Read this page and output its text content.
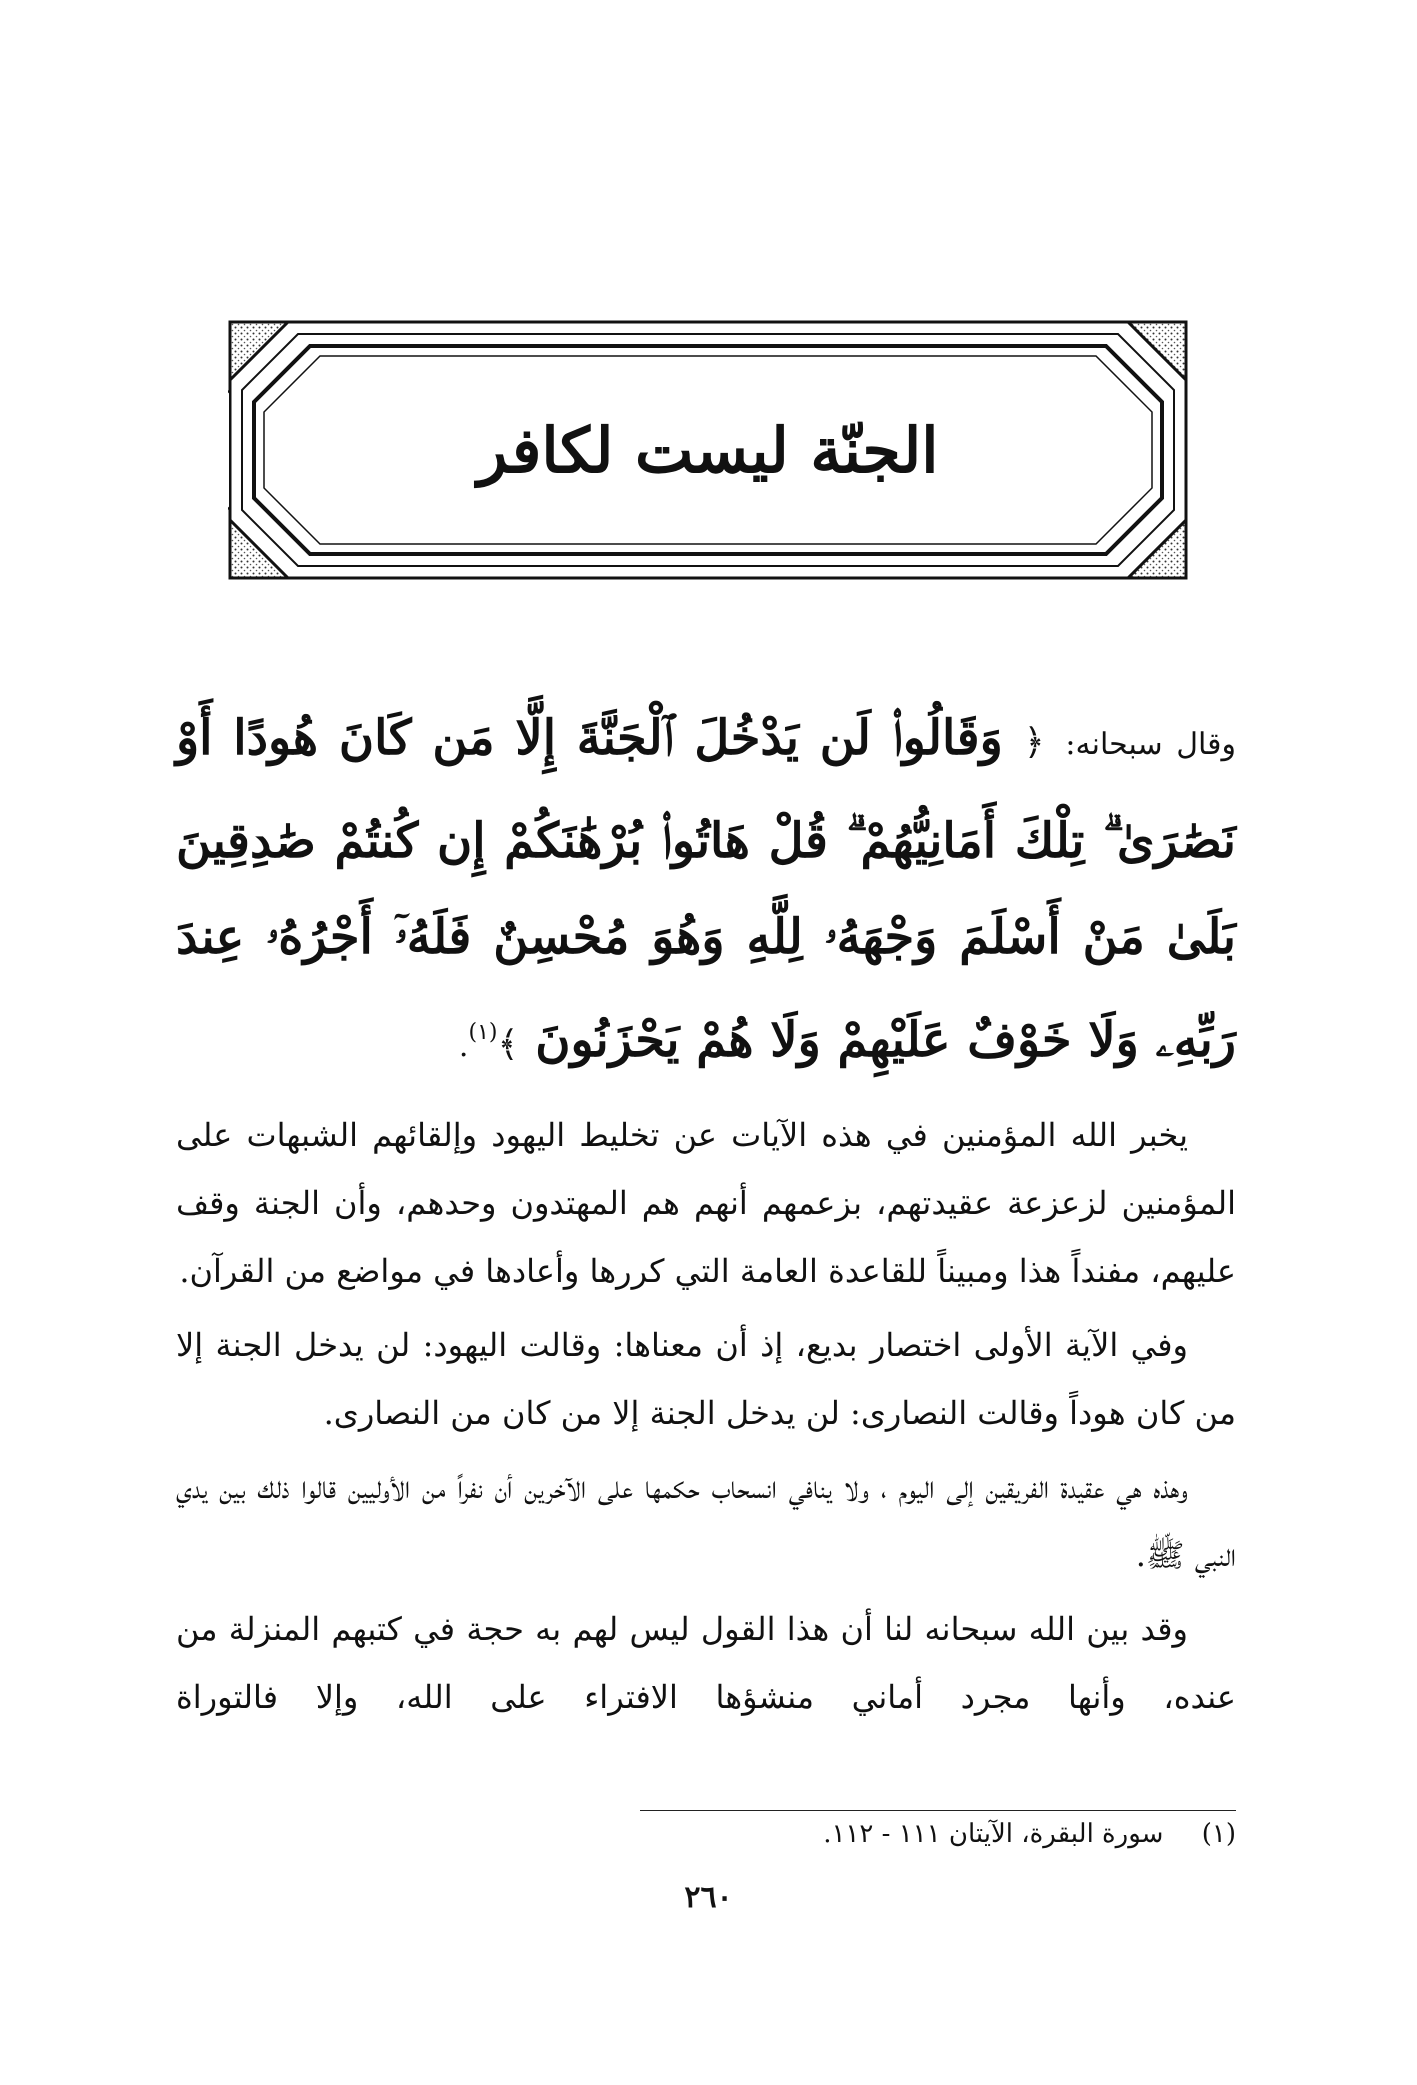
الجنّة ليست لكافر

وقال سبحانه: ﴿ وَقَالُوا۟ لَن يَدْخُلَ ٱلْجَنَّةَ إِلَّا مَن كَانَ هُودًا أَوْ نَصَٰرَىٰ ۗ تِلْكَ أَمَانِيُّهُمْ ۗ قُلْ هَاتُوا۟ بُرْهَٰنَكُمْ إِن كُنتُمْ صَٰدِقِينَ بَلَىٰ مَنْ أَسْلَمَ وَجْهَهُۥ لِلَّهِ وَهُوَ مُحْسِنٌ فَلَهُۥٓ أَجْرُهُۥ عِندَ رَبِّهِۦ وَلَا خَوْفٌ عَلَيْهِمْ وَلَا هُمْ يَحْزَنُونَ ﴾$^{(١)}$.

يخبر الله المؤمنين في هذه الآيات عن تخليط اليهود وإلقائهم الشبهات على المؤمنين لزعزعة عقيدتهم، بزعمهم أنهم هم المهتدون وحدهم، وأن الجنة وقف عليهم، مفنداً هذا ومبيناً للقاعدة العامة التي كررها وأعادها في مواضع من القرآن.

وفي الآية الأولى اختصار بديع، إذ أن معناها: وقالت اليهود: لن يدخل الجنة إلا من كان هوداً وقالت النصارى: لن يدخل الجنة إلا من كان من النصارى.

وهذه هي عقيدة الفريقين إلى اليوم ، ولا ينافي انسحاب حكمها على الآخرين أن نفراً من الأوليين قالوا ذلك بين يدي النبي ﷺ.

وقد بين الله سبحانه لنا أن هذا القول ليس لهم به حجة في كتبهم المنزلة من عنده، وأنها مجرد أماني منشؤها الافتراء على الله، وإلا فالتوراة

(١) سورة البقرة، الآيتان ١١١ - ١١٢.
٢٦٠
